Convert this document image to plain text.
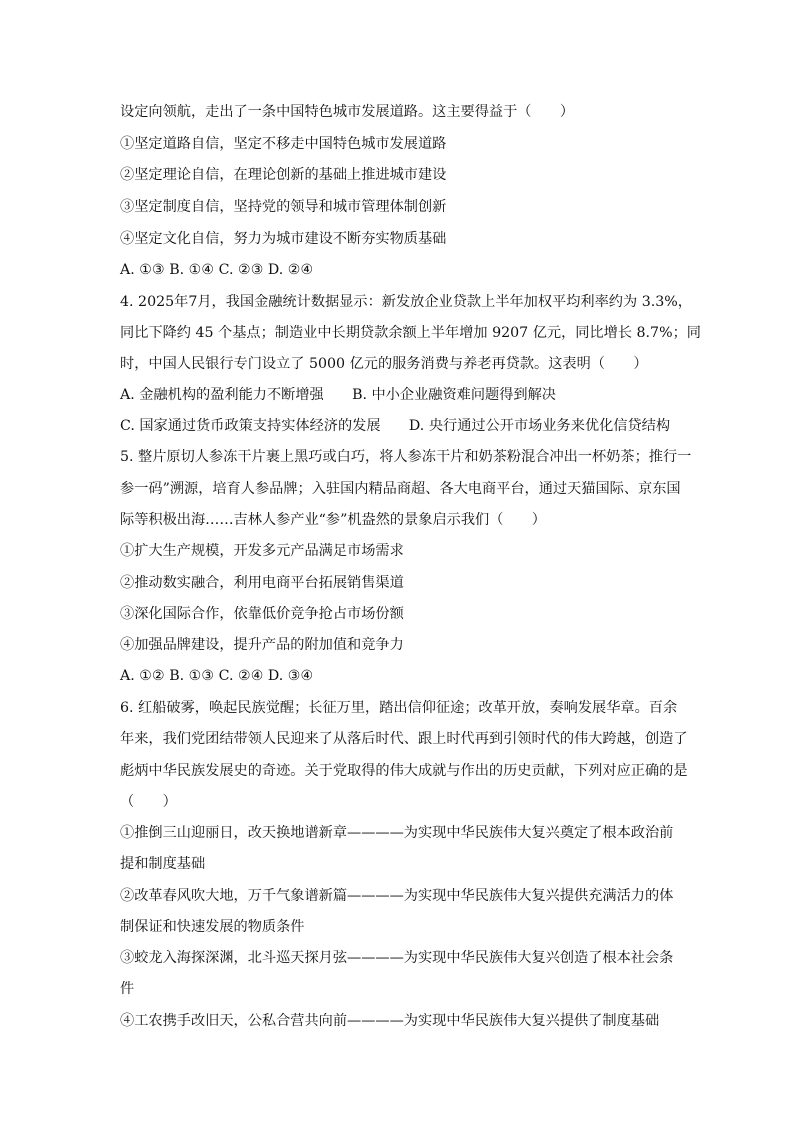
设定向领航，走出了一条中国特色城市发展道路。这主要得益于（　　）
①坚定道路自信，坚定不移走中国特色城市发展道路
②坚定理论自信，在理论创新的基础上推进城市建设
③坚定制度自信，坚持党的领导和城市管理体制创新
④坚定文化自信，努力为城市建设不断夯实物质基础
A. ①③ B. ①④ C. ②③ D. ②④
4. 2025年7月，我国金融统计数据显示：新发放企业贷款上半年加权平均利率约为 3.3%，
同比下降约 45 个基点；制造业中长期贷款余额上半年增加 9207 亿元，同比增长 8.7%；同
时，中国人民银行专门设立了 5000 亿元的服务消费与养老再贷款。这表明（　　）
A. 金融机构的盈利能力不断增强　　B. 中小企业融资难问题得到解决
C. 国家通过货币政策支持实体经济的发展　　D. 央行通过公开市场业务来优化信贷结构
5. 整片原切人参冻干片裹上黑巧或白巧，将人参冻干片和奶茶粉混合冲出一杯奶茶；推行一
参一码”溯源，培育人参品牌；入驻国内精品商超、各大电商平台，通过天猫国际、京东国
际等积极出海……吉林人参产业“参”机盎然的景象启示我们（　　）
①扩大生产规模，开发多元产品满足市场需求
②推动数实融合，利用电商平台拓展销售渠道
③深化国际合作，依靠低价竞争抢占市场份额
④加强品牌建设，提升产品的附加值和竞争力
A. ①② B. ①③ C. ②④ D. ③④
6. 红船破雾，唤起民族觉醒；长征万里，踏出信仰征途；改革开放，奏响发展华章。百余
年来，我们党团结带领人民迎来了从落后时代、跟上时代再到引领时代的伟大跨越，创造了
彪炳中华民族发展史的奇迹。关于党取得的伟大成就与作出的历史贡献，下列对应正确的是
（　　）
①推倒三山迎丽日，改天换地谱新章————为实现中华民族伟大复兴奠定了根本政治前
提和制度基础
②改革春风吹大地，万千气象谱新篇————为实现中华民族伟大复兴提供充满活力的体
制保证和快速发展的物质条件
③蛟龙入海探深渊，北斗巡天探月弦————为实现中华民族伟大复兴创造了根本社会条
件
④工农携手改旧天，公私合营共向前————为实现中华民族伟大复兴提供了制度基础
